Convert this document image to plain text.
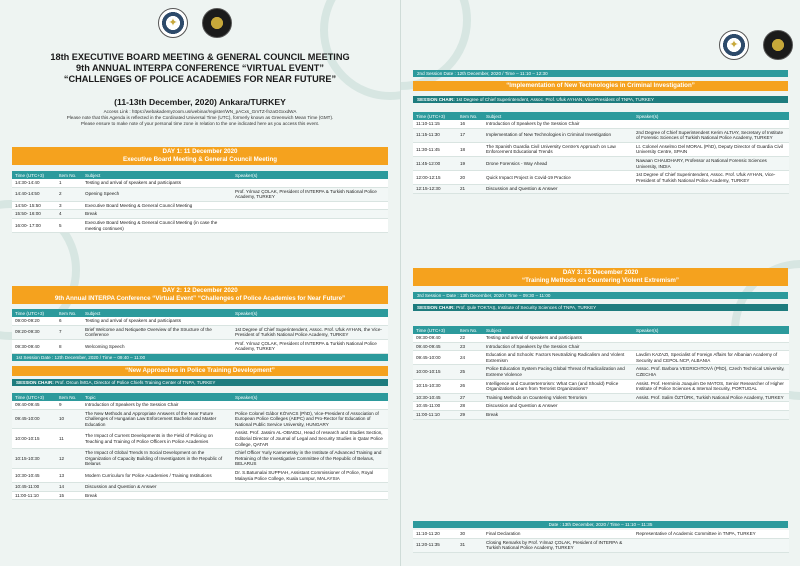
✦	❖
18th EXECUTIVE BOARD MEETING & GENERAL COUNCIL MEETING
9th ANNUAL INTERPA CONFERENCE “VIRTUAL EVENT”
“CHALLENGES OF POLICE ACADEMIES FOR NEAR FUTURE”
(11-13th December, 2020) Ankara/TURKEY
Access Link : https://webakademyzoom.us/webinar/register/WN_pACxs_GmTZ-fnzaGGxxdWA
Please note that this Agenda is reflected in the Cordinated Universal Time (UTC), formerly known as Greenwich Mean Time (GMT).
Please ensure to make note of your personal time zone in relation to the one indicated here as you access this event.
DAY 1: 11 December 2020
Executive Board Meeting & General Council Meeting
Time (UTC+3)	Item No.	Subject	Speaker(s)
14:30-14:40	1	Testing and arrival of speakers and participants	
14:40-14:50	2	Opening Speech	Prof. Yılmaz ÇOLAK, President of INTERPA & Turkish National Police Academy, TURKEY
14:50- 15:50	3	Executive Board Meeting & General Council Meeting	
15:50- 16:00	4	Break	
16:00- 17:00	5	Executive Board Meeting & General Council Meeting (in case the meeting continues)	
DAY 2: 12 December 2020
9th Annual INTERPA Conference “Virtual Event” “Challenges of Police Academies for Near Future”
Time (UTC+3)	Item No.	Subject	Speaker(s)
09:00-09:20	6	Testing and arrival of speakers and participants	
09:20-09:30	7	Brief Welcome and Netiquette Overview of the Structure of the Conference	1st Degree of Chief Superintendent, Assoc. Prof. Ufuk AYHAN, the Vice-President of Turkish National Police Academy, TURKEY
09:30-09:40	8	Welcoming Speech	Prof. Yılmaz ÇOLAK, President of INTERPA & Turkish National Police Academy, TURKEY
1st Session Date : 12th December, 2020 / Time – 09:40 – 11:00
“New Approaches in Police Training Development”
SESSION CHAIR: Prof. Orcun İMGA, Director of Police Chiefs Training Center of TNPA, TURKEY
Time (UTC+3)	Item No.	Topic	Speaker(s)
09:40-09:45	9	Introduction of Speakers by the Session Chair	
09:45-10:00	10	The New Methods and Appropriate Answers of the Near Future Challenges of Hungarian Law Enforcement Bachelor and Master Education	Police Colonel Gábor KÓVACS (PhD), Vice-President of Association of European Police Colleges (AEPC) and Pro-Rector for Education of National Public Service University, HUNGARY
10:00-10:15	11	The Impact of Current Developments in the Field of Policing on Teaching and Training of Police Officers in Police Academies	Assist. Prof. Jassim AL-OBAIDLI, Head of research and Studies Section, Editorial Director of Journal of Legal and Security Studies in Qatar Police College, QATAR
10:15-10:30	12	The Impact of Global Trends In Social Development on the Organization of Capacity Building of Investigators in the Republic of Belarus	Chief Officer Yuriy Kamenetsky in the Institute of Advanced Training and Retraining of the Investigative Committee of the Republic of Belarus, BELARUS
10:30-10:45	13	Modern Curriculum for Police Academies / Training Institutions	Dr. S.Batumalai SUPPIAH, Assistant Commissioner of Police, Royal Malaysia Police College, Kuala Lumpur, MALAYSIA
10:45-11:00	14	Discussion and Question & Answer	
11:00-11:10	15	Break	
✦	❖
2nd Session Date : 12th December, 2020 / Time – 11:10 – 12:30
“Implementation of New Technologies in Criminal Investigation”
SESSION CHAIR: 1st Degree of Chief Superintendent, Assoc. Prof. Ufuk AYHAN, Vice-President of TNPA, TURKEY
Time (UTC+3)	Item No.	Subject	Speaker(s)
11:10-11:15	16	Introduction of Speakers by the Session Chair	
11:15-11:30	17	Implementation of New Technologies in Criminal Investigation	2nd Degree of Chief Superintendent Kerim ALTIAY, Secretary of Institute of Forensic Sciences of Turkish National Police Academy, TURKEY
11:30-11:45	18	The Spanish Guardia Civil University Centre's Approach on Law Enforcement Educational Trends	Lt. Colonel Anselmo Del MORAL (PhD), Deputy Director of Guardia Civil University Centre, SPAIN
11:45-12:00	19	Drone Forensics - Way Ahead	Nawaan CHAUDHARY, Professor at National Forensic Sciences University, INDIA
12:00-12:15	20	Quick Impact Project in Covid-19 Practice	1st Degree of Chief Superintendent, Assoc. Prof. Ufuk AYHAN, Vice-President of Turkish National Police Academy, TURKEY
12:15-12:30	21	Discussion and Question & Answer	
DAY 3: 13 December 2020
“Training Methods on Countering Violent Extremism”
3rd Session – Date : 13th December, 2020 / Time – 09:30 – 11:00
SESSION CHAIR: Prof. Şule TOKTAŞ, Institute of Security Sciences of TNPA, TURKEY
Time (UTC+3)	Item No.	Subject	Speaker(s)
09:30-09:40	22	Testing and arrival of speakers and participants	
09:40-09:45	23	Introduction of Speakers by the Session Chair	
09:45-10:00	24	Education and Schools: Factors Neutralizing Radicalism and Violent Extremism	Lavdim KAZAZI, Specialist of Foreign Affairs for Albanian Academy of Security and CEPOL NCP, ALBANIA
10:00-10:15	25	Police Education System Facing Global Threat of Radicalization and Extreme Violence	Assoc. Prof. Barbora VEGRICHTOVÁ (PhD), Czech Technical University, CZECHIA
10:15-10:30	26	Intelligence and Counterterrorism: What Can (and Should) Police Organizations Learn from Terrorist Organizations?	Assist. Prof. Herminio Joaquim De MATOS, Senior Researcher of Higher Institute of Police Sciences & Internal Security, PORTUGAL
10:30-10:45	27	Training Methods on Countering Violent Terrorism	Assist. Prof. Salim ÖZTÜRK, Turkish National Police Academy, TURKEY
10:45-11:00	28	Discussion and Question & Answer	
11:00-11:10	29	Break	
Date : 13th December, 2020 / Time – 11:10 – 11:35
11:10-11:20	30	Final Declaration	Representative of Academic Committee in TNPA, TURKEY
11:20-11:35	31	Closing Remarks by Prof. Yılmaz ÇOLAK, President of INTERPA & Turkish National Police Academy, TURKEY	
